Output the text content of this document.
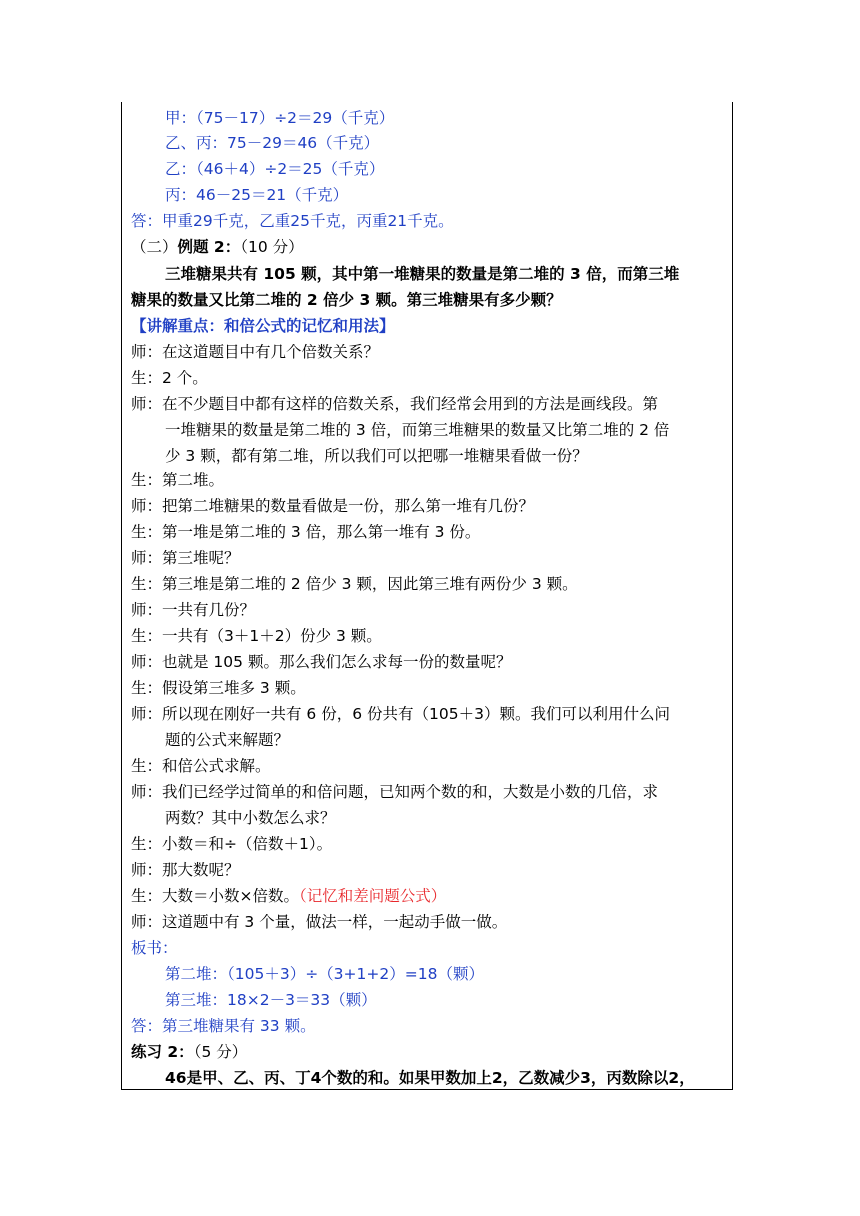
甲：（75－17）÷2＝29（千克）
乙、丙：75－29＝46（千克）
乙：（46＋4）÷2＝25（千克）
丙：46－25＝21（千克）
答：甲重29千克，乙重25千克，丙重21千克。
（二）例题 2：（10 分）
三堆糖果共有 105 颗，其中第一堆糖果的数量是第二堆的 3 倍，而第三堆
糖果的数量又比第二堆的 2 倍少 3 颗。第三堆糖果有多少颗？
【讲解重点：和倍公式的记忆和用法】
师：在这道题目中有几个倍数关系？
生：2 个。
师：在不少题目中都有这样的倍数关系，我们经常会用到的方法是画线段。第
一堆糖果的数量是第二堆的 3 倍，而第三堆糖果的数量又比第二堆的 2 倍
少 3 颗，都有第二堆，所以我们可以把哪一堆糖果看做一份？
生：第二堆。
师：把第二堆糖果的数量看做是一份，那么第一堆有几份？
生：第一堆是第二堆的 3 倍，那么第一堆有 3 份。
师：第三堆呢？
生：第三堆是第二堆的 2 倍少 3 颗，因此第三堆有两份少 3 颗。
师：一共有几份？
生：一共有（3＋1＋2）份少 3 颗。
师：也就是 105 颗。那么我们怎么求每一份的数量呢？
生：假设第三堆多 3 颗。
师：所以现在刚好一共有 6 份，6 份共有（105＋3）颗。我们可以利用什么问
题的公式来解题？
生：和倍公式求解。
师：我们已经学过简单的和倍问题，已知两个数的和，大数是小数的几倍，求
两数？其中小数怎么求？
生：小数＝和÷（倍数＋1）。
师：那大数呢？
生：大数＝小数×倍数。（记忆和差问题公式）
师：这道题中有 3 个量，做法一样，一起动手做一做。
板书：
第二堆：（105＋3）÷（3+1+2）=18（颗）
第三堆：18×2－3＝33（颗）
答：第三堆糖果有 33 颗。
练习 2：（5 分）
46是甲、乙、丙、丁4个数的和。如果甲数加上2，乙数减少3，丙数除以2，
